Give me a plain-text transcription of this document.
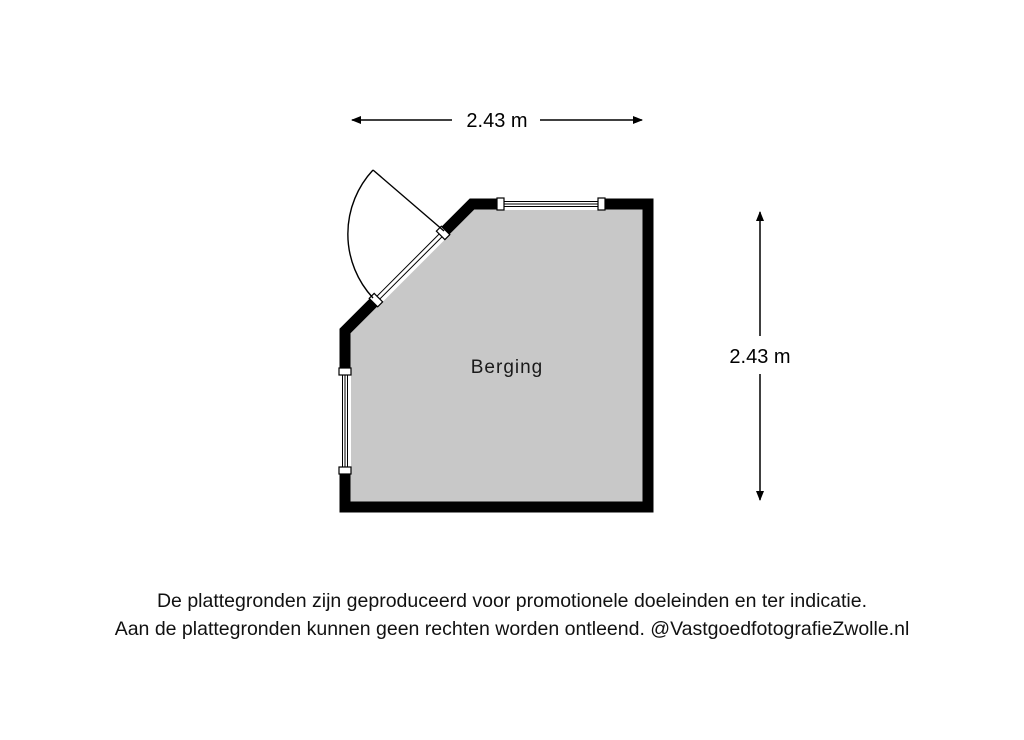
2.43 m
2.43 m
Berging
De plattegronden zijn geproduceerd voor promotionele doeleinden en ter indicatie.
Aan de plattegronden kunnen geen rechten worden ontleend. @VastgoedfotografieZwolle.nl
